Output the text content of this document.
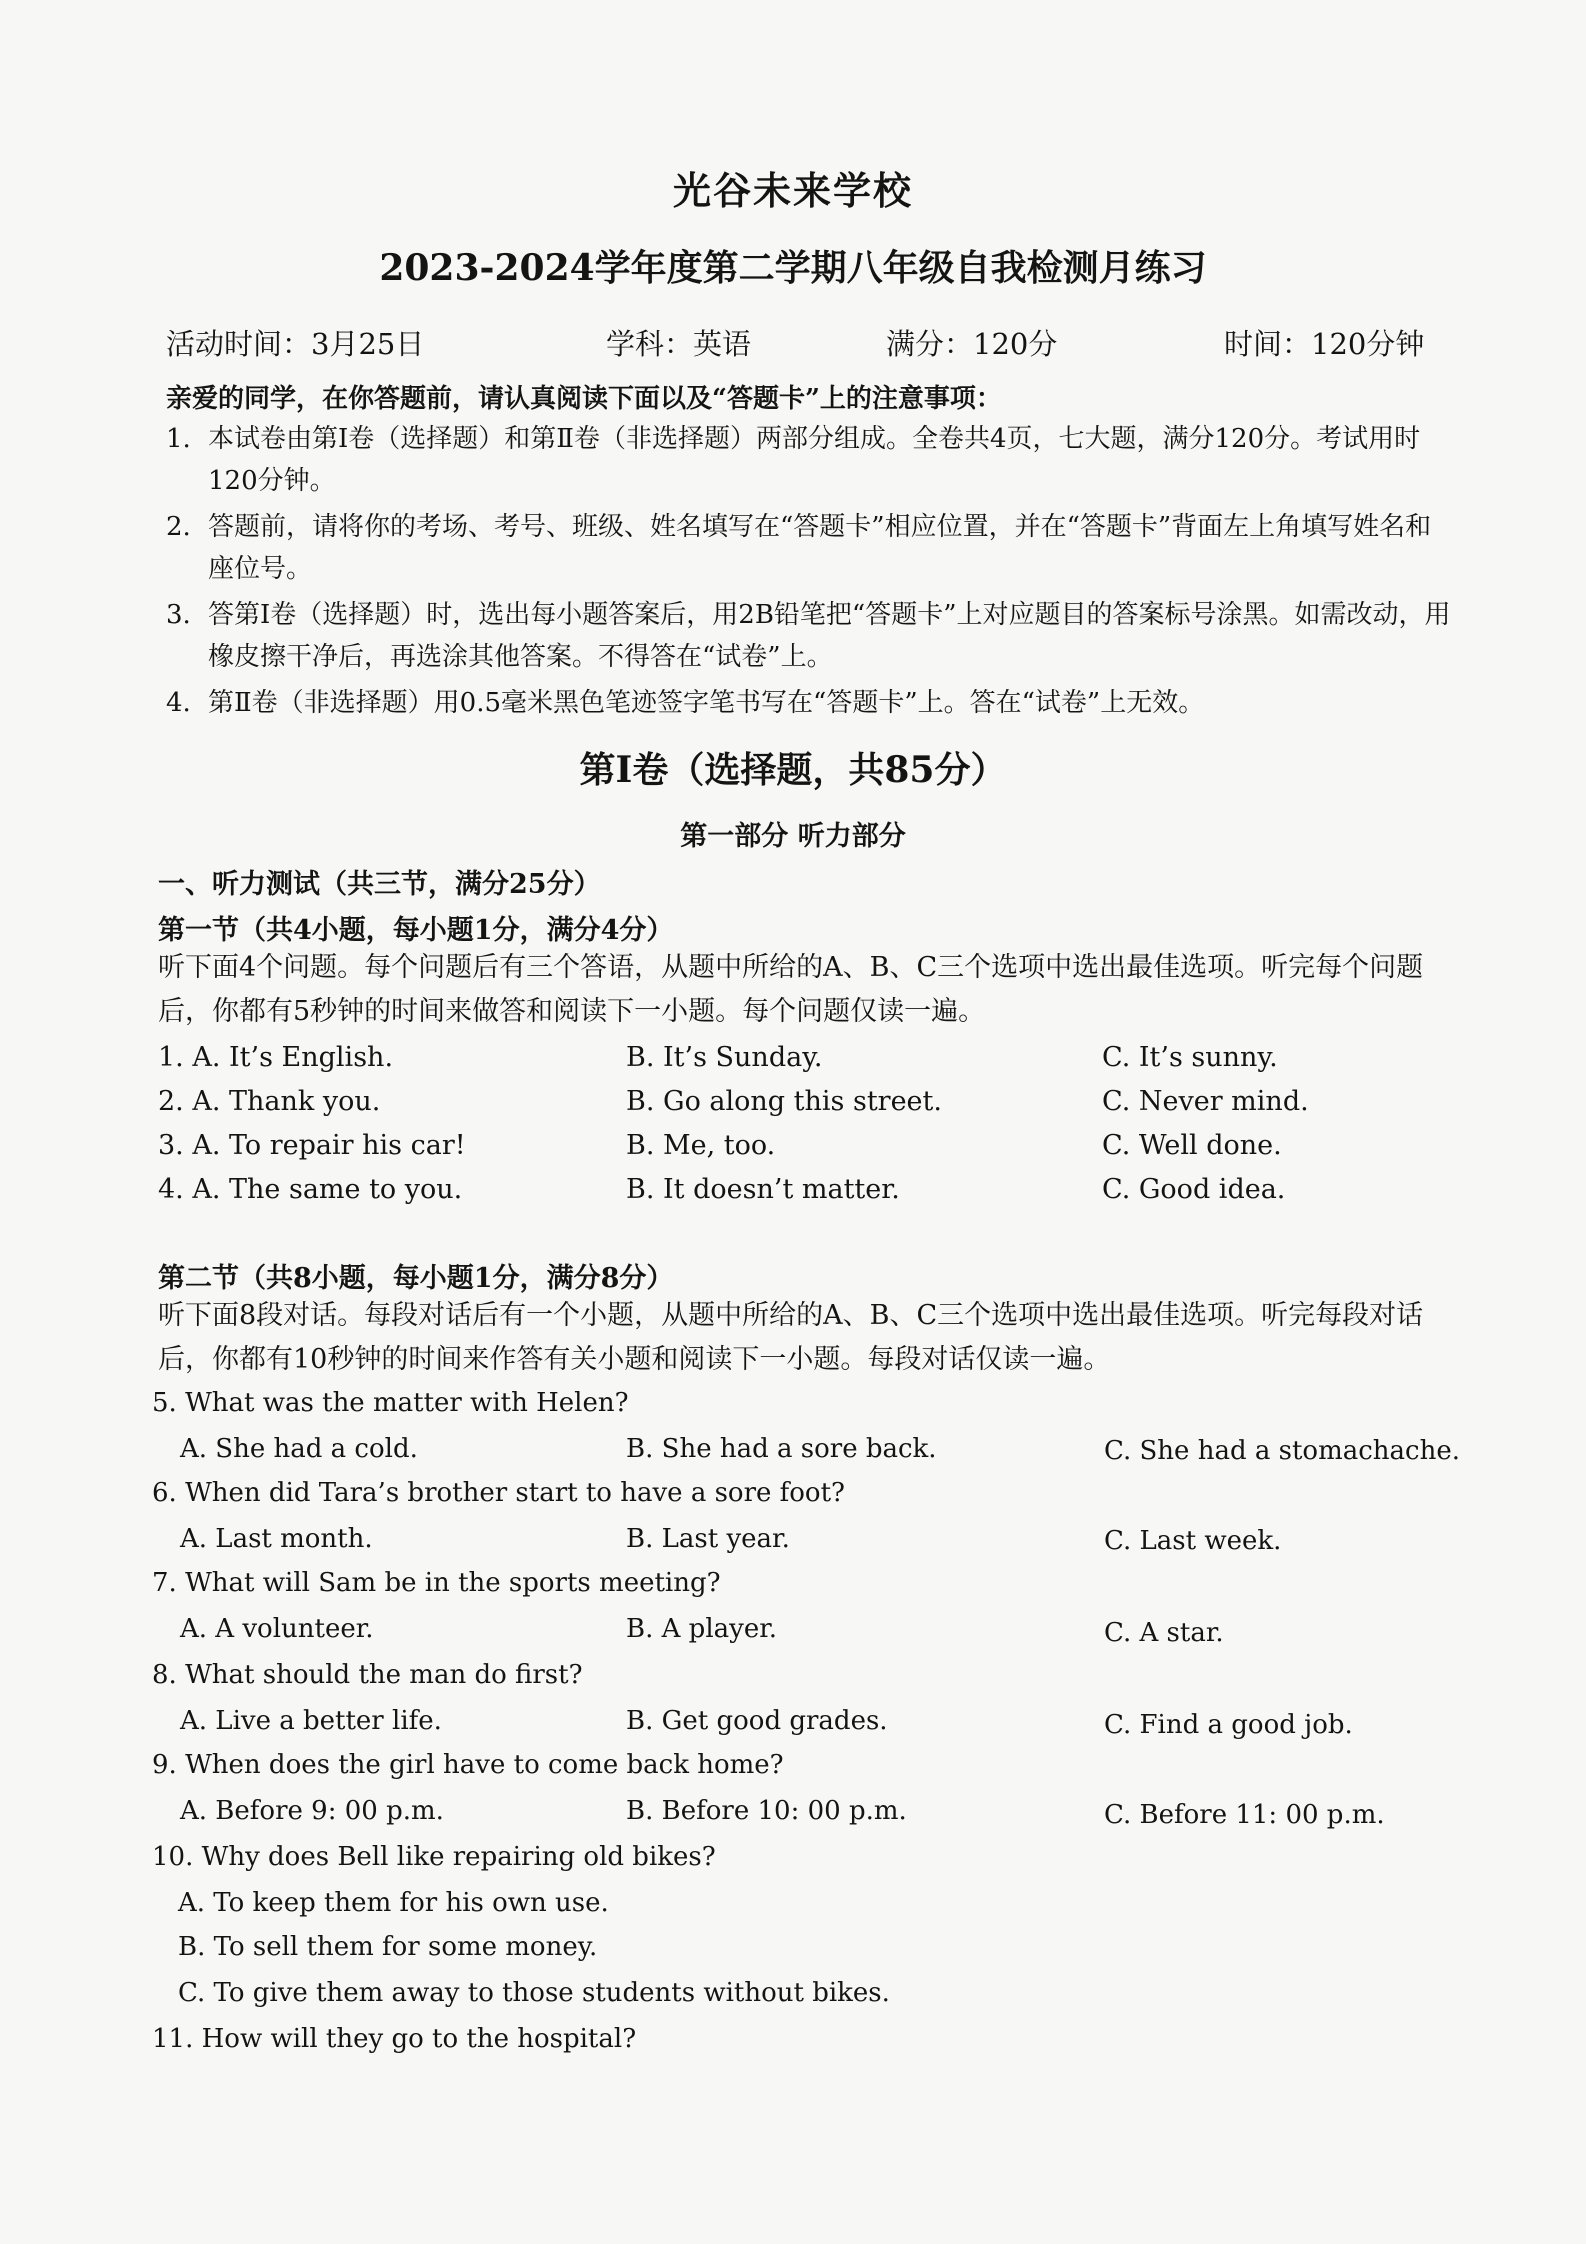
光谷未来学校
2023-2024学年度第二学期八年级自我检测月练习
活动时间：3月25日	学科：英语	满分：120分	时间：120分钟
亲爱的同学，在你答题前，请认真阅读下面以及“答题卡”上的注意事项：
1. 本试卷由第Ⅰ卷（选择题）和第Ⅱ卷（非选择题）两部分组成。全卷共4页，七大题，满分120分。考试用时120分钟。
2. 答题前，请将你的考场、考号、班级、姓名填写在“答题卡”相应位置，并在“答题卡”背面左上角填写姓名和座位号。
3. 答第Ⅰ卷（选择题）时，选出每小题答案后，用2B铅笔把“答题卡”上对应题目的答案标号涂黑。如需改动，用橡皮擦干净后，再选涂其他答案。不得答在“试卷”上。
4. 第Ⅱ卷（非选择题）用0.5毫米黑色笔迹签字笔书写在“答题卡”上。答在“试卷”上无效。
第Ⅰ卷（选择题，共85分）
第一部分 听力部分
一、听力测试（共三节，满分25分）
第一节（共4小题，每小题1分，满分4分）
听下面4个问题。每个问题后有三个答语，从题中所给的A、B、C三个选项中选出最佳选项。听完每个问题后，你都有5秒钟的时间来做答和阅读下一小题。每个问题仅读一遍。
1. A. It’s English.	B. It’s Sunday.	C. It’s sunny.
2. A. Thank you.	B. Go along this street.	C. Never mind.
3. A. To repair his car!	B. Me, too.	C. Well done.
4. A. The same to you.	B. It doesn’t matter.	C. Good idea.
第二节（共8小题，每小题1分，满分8分）
听下面8段对话。每段对话后有一个小题，从题中所给的A、B、C三个选项中选出最佳选项。听完每段对话后，你都有10秒钟的时间来作答有关小题和阅读下一小题。每段对话仅读一遍。
5. What was the matter with Helen?
A. She had a cold.	B. She had a sore back.	C. She had a stomachache.
6. When did Tara’s brother start to have a sore foot?
A. Last month.	B. Last year.	C. Last week.
7. What will Sam be in the sports meeting?
A. A volunteer.	B. A player.	C. A star.
8. What should the man do first?
A. Live a better life.	B. Get good grades.	C. Find a good job.
9. When does the girl have to come back home?
A. Before 9: 00 p.m.	B. Before 10: 00 p.m.	C. Before 11: 00 p.m.
10. Why does Bell like repairing old bikes?
A. To keep them for his own use.
B. To sell them for some money.
C. To give them away to those students without bikes.
11. How will they go to the hospital?
